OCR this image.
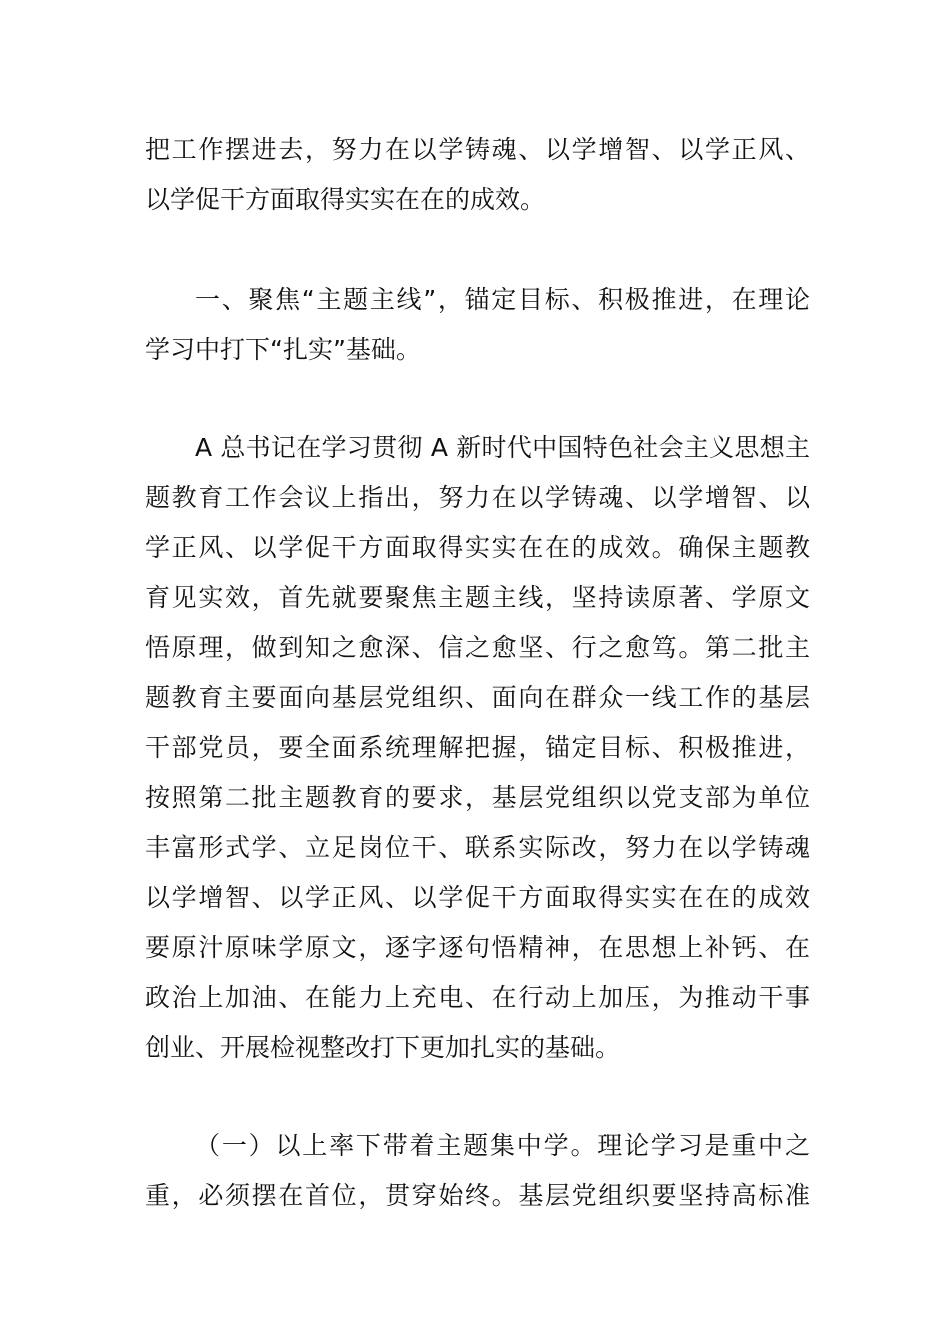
把工作摆进去，努力在以学铸魂、以学增智、以学正风、
以学促干方面取得实实在在的成效。
一、聚焦“主题主线”，锚定目标、积极推进，在理论
学习中打下“扎实”基础。
A 总书记在学习贯彻 A 新时代中国特色社会主义思想主
题教育工作会议上指出，努力在以学铸魂、以学增智、以
学正风、以学促干方面取得实实在在的成效。确保主题教
育见实效，首先就要聚焦主题主线，坚持读原著、学原文
悟原理，做到知之愈深、信之愈坚、行之愈笃。第二批主
题教育主要面向基层党组织、面向在群众一线工作的基层
干部党员，要全面系统理解把握，锚定目标、积极推进，
按照第二批主题教育的要求，基层党组织以党支部为单位
丰富形式学、立足岗位干、联系实际改，努力在以学铸魂
以学增智、以学正风、以学促干方面取得实实在在的成效
要原汁原味学原文，逐字逐句悟精神，在思想上补钙、在
政治上加油、在能力上充电、在行动上加压，为推动干事
创业、开展检视整改打下更加扎实的基础。
（一）以上率下带着主题集中学。理论学习是重中之
重，必须摆在首位，贯穿始终。基层党组织要坚持高标准
